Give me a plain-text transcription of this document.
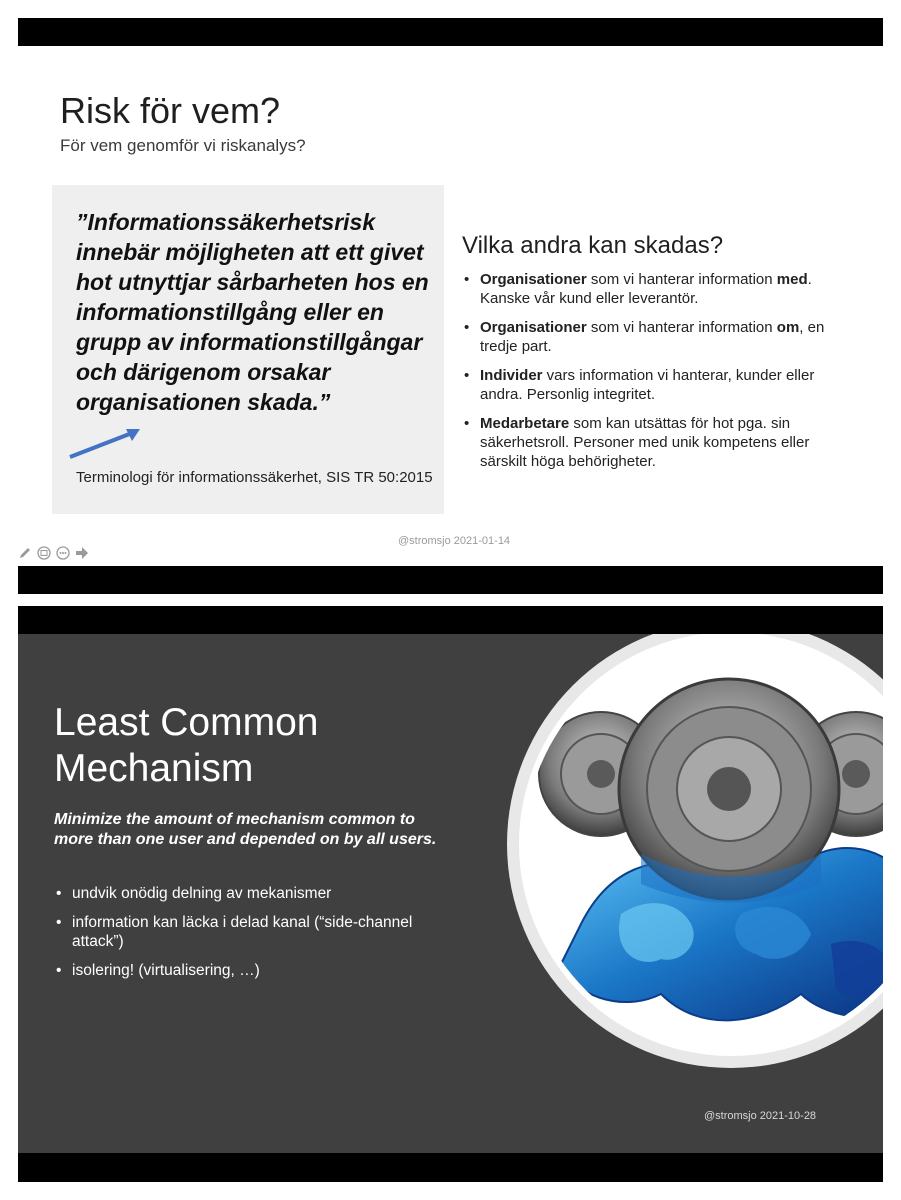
Risk för vem?
För vem genomför vi riskanalys?
”Informationssäkerhetsrisk innebär möjligheten att ett givet hot utnyttjar sårbarheten hos en informationstillgång eller en grupp av informationstillgångar och därigenom orsakar organisationen skada.”
Terminologi för informationssäkerhet, SIS TR 50:2015
Vilka andra kan skadas?
• Organisationer som vi hanterar information med. Kanske vår kund eller leverantör.
• Organisationer som vi hanterar information om, en tredje part.
• Individer vars information vi hanterar, kunder eller andra. Personlig integritet.
• Medarbetare som kan utsättas för hot pga. sin säkerhetsroll. Personer med unik kompetens eller särskilt höga behörigheter.
@stromsjo 2021-01-14
Least Common
Mechanism
Minimize the amount of mechanism common to more than one user and depended on by all users.
• undvik onödig delning av mekanismer
• information kan läcka i delad kanal (“side-channel attack”)
• isolering! (virtualisering, …)
@stromsjo 2021-10-28
